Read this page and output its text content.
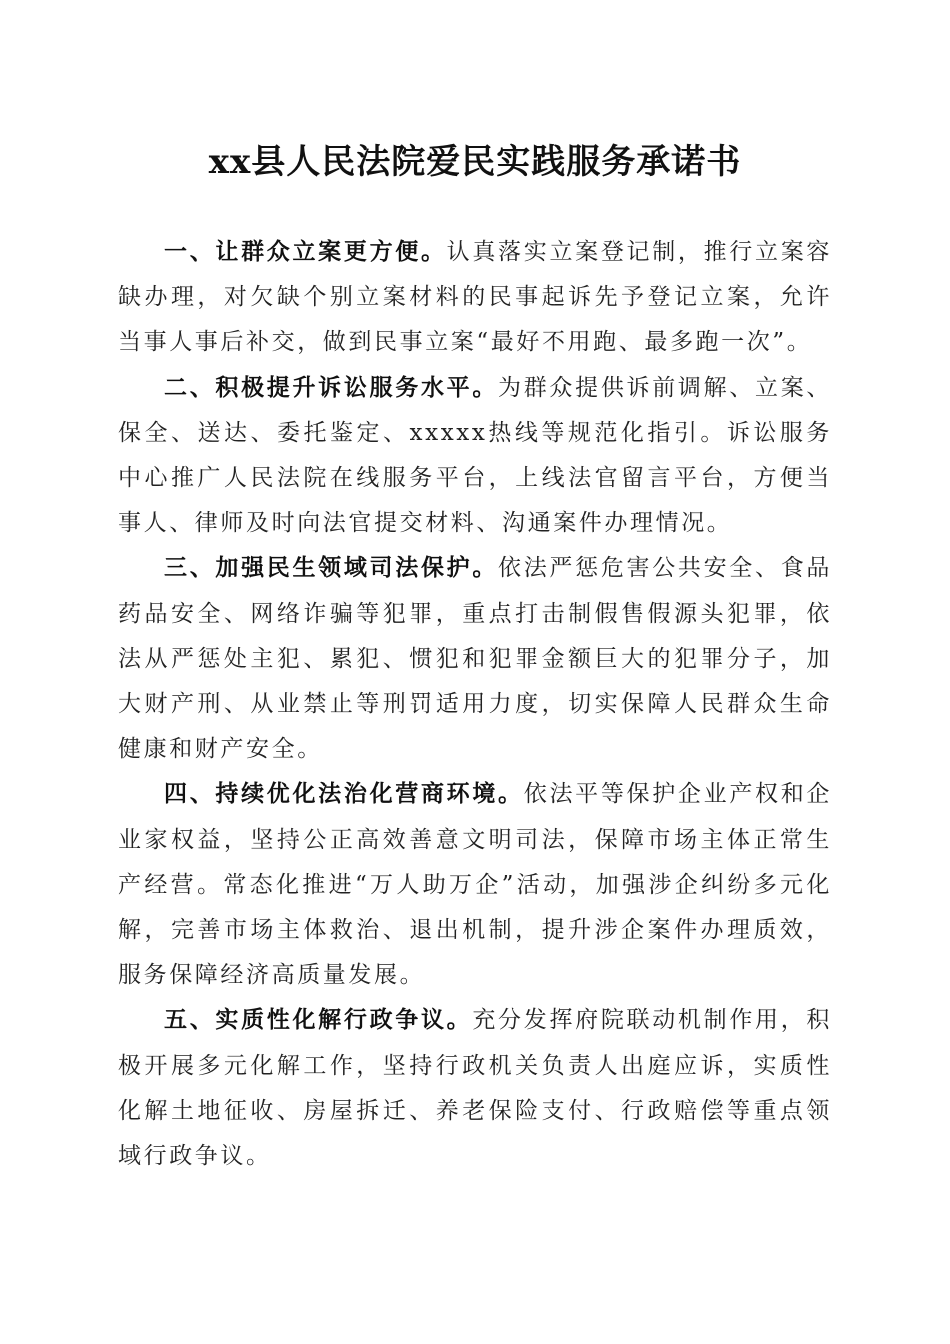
xx县人民法院爱民实践服务承诺书

一、让群众立案更方便。认真落实立案登记制，推行立案容缺办理，对欠缺个别立案材料的民事起诉先予登记立案，允许当事人事后补交，做到民事立案“最好不用跑、最多跑一次”。

二、积极提升诉讼服务水平。为群众提供诉前调解、立案、保全、送达、委托鉴定、xxxxx热线等规范化指引。诉讼服务中心推广人民法院在线服务平台，上线法官留言平台，方便当事人、律师及时向法官提交材料、沟通案件办理情况。

三、加强民生领域司法保护。依法严惩危害公共安全、食品药品安全、网络诈骗等犯罪，重点打击制假售假源头犯罪，依法从严惩处主犯、累犯、惯犯和犯罪金额巨大的犯罪分子，加大财产刑、从业禁止等刑罚适用力度，切实保障人民群众生命健康和财产安全。

四、持续优化法治化营商环境。依法平等保护企业产权和企业家权益，坚持公正高效善意文明司法，保障市场主体正常生产经营。常态化推进“万人助万企”活动，加强涉企纠纷多元化解，完善市场主体救治、退出机制，提升涉企案件办理质效，服务保障经济高质量发展。

五、实质性化解行政争议。充分发挥府院联动机制作用，积极开展多元化解工作，坚持行政机关负责人出庭应诉，实质性化解土地征收、房屋拆迁、养老保险支付、行政赔偿等重点领域行政争议。
